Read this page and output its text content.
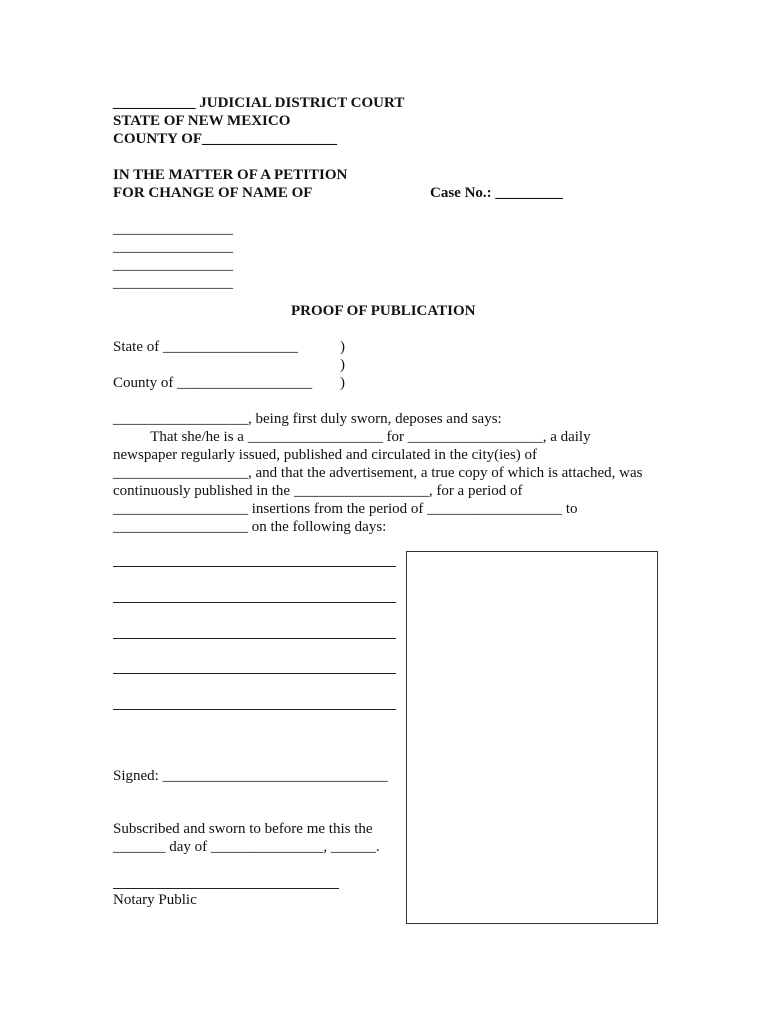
___________ JUDICIAL DISTRICT COURT
STATE OF NEW MEXICO
COUNTY OF__________________
IN THE MATTER OF A PETITION
FOR CHANGE OF NAME OF	Case No.: _________
________________
________________
________________
________________
PROOF OF PUBLICATION
State of __________________	)
)
County of __________________ )
__________________, being first duly sworn, deposes and says:
That she/he is a __________________ for __________________, a daily
newspaper regularly issued, published and circulated in the city(ies) of
__________________, and that the advertisement, a true copy of which is attached, was
continuously published in the __________________, for a period of
__________________ insertions from the period of __________________ to
__________________ on the following days:
Signed: ______________________________
Subscribed and sworn to before me this the
_______ day of _______________, ______.
Notary Public
